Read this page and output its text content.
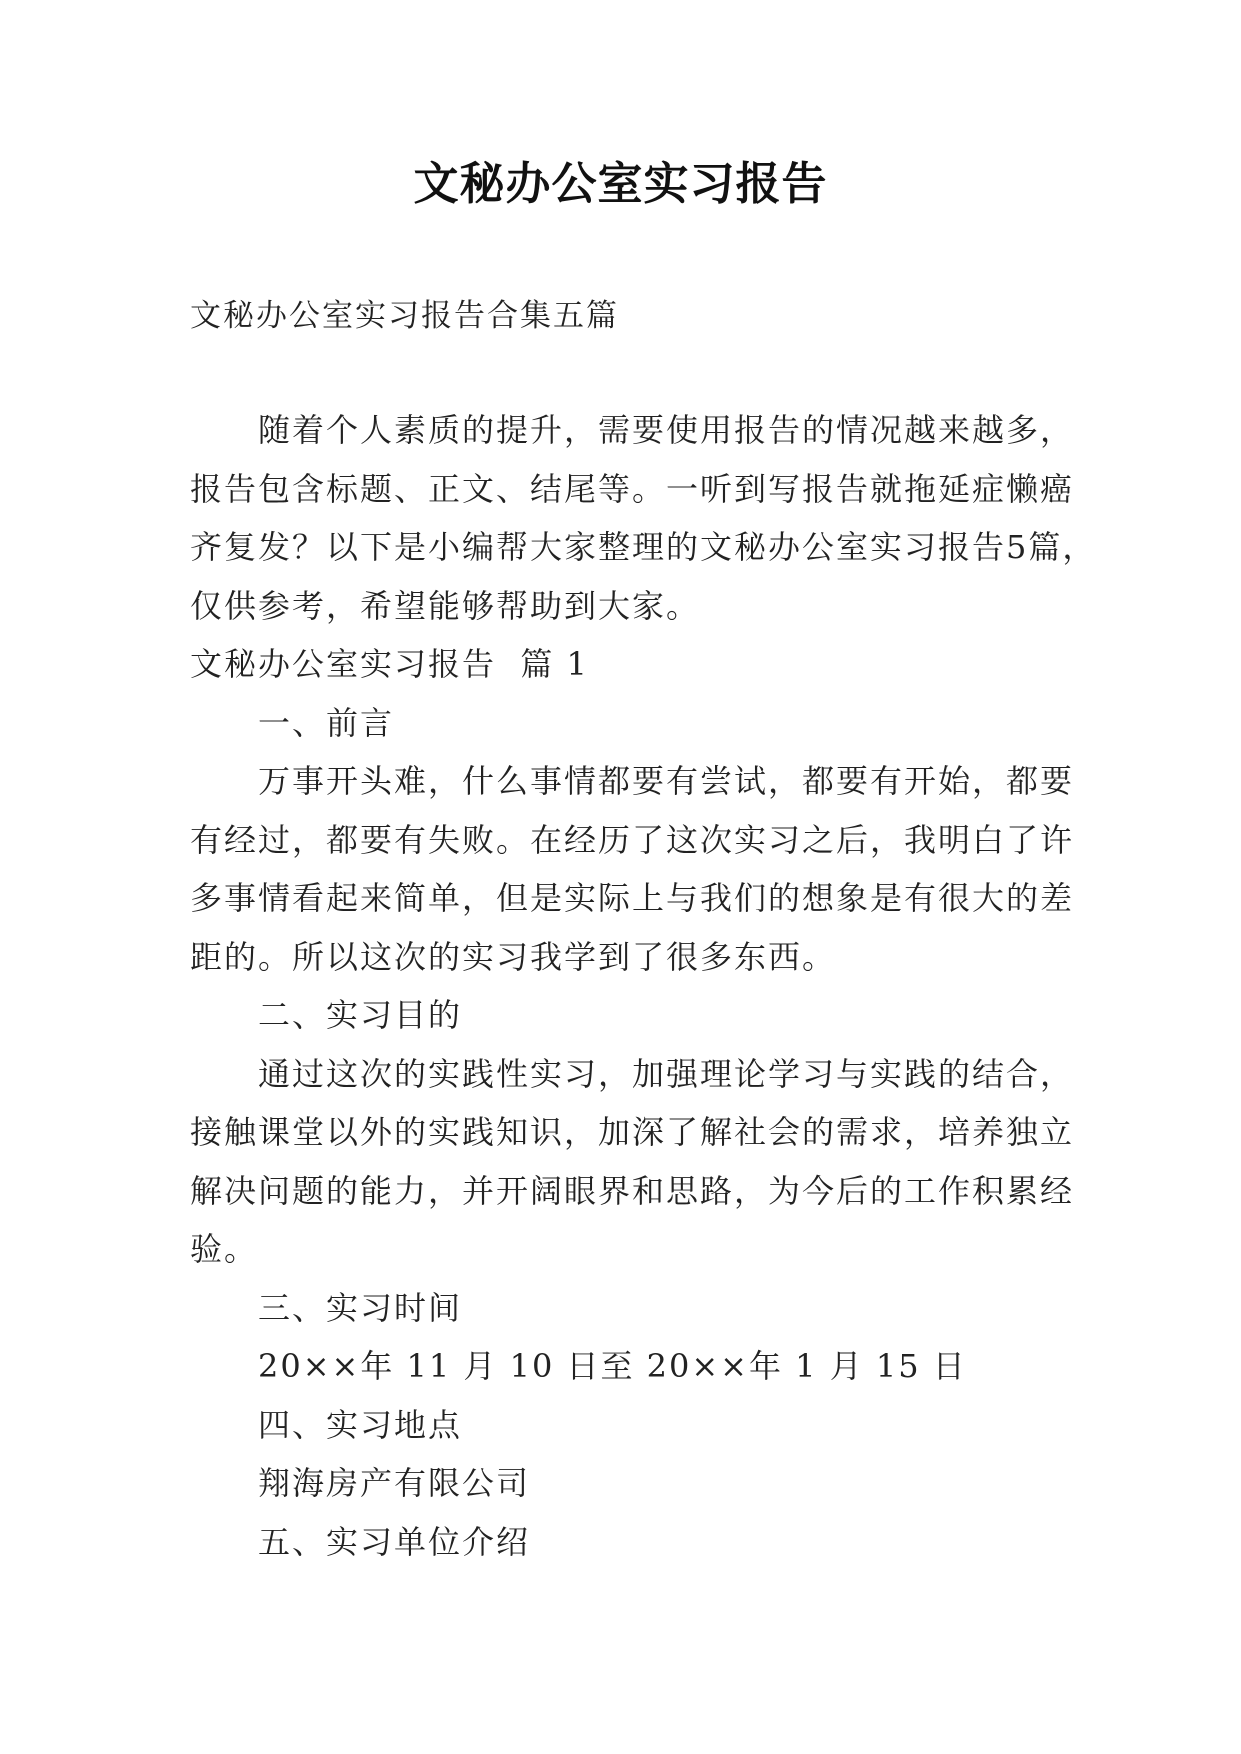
文秘办公室实习报告
文秘办公室实习报告合集五篇
随着个人素质的提升，需要使用报告的情况越来越多，
报告包含标题、正文、结尾等。一听到写报告就拖延症懒癌
齐复发？以下是小编帮大家整理的文秘办公室实习报告5篇，
仅供参考，希望能够帮助到大家。
文秘办公室实习报告  篇 1
一、前言
万事开头难，什么事情都要有尝试，都要有开始，都要
有经过，都要有失败。在经历了这次实习之后，我明白了许
多事情看起来简单，但是实际上与我们的想象是有很大的差
距的。所以这次的实习我学到了很多东西。
二、实习目的
通过这次的实践性实习，加强理论学习与实践的结合，
接触课堂以外的实践知识，加深了解社会的需求，培养独立
解决问题的能力，并开阔眼界和思路，为今后的工作积累经
验。
三、实习时间
20××年 11 月 10 日至 20××年 1 月 15 日
四、实习地点
翔海房产有限公司
五、实习单位介绍
